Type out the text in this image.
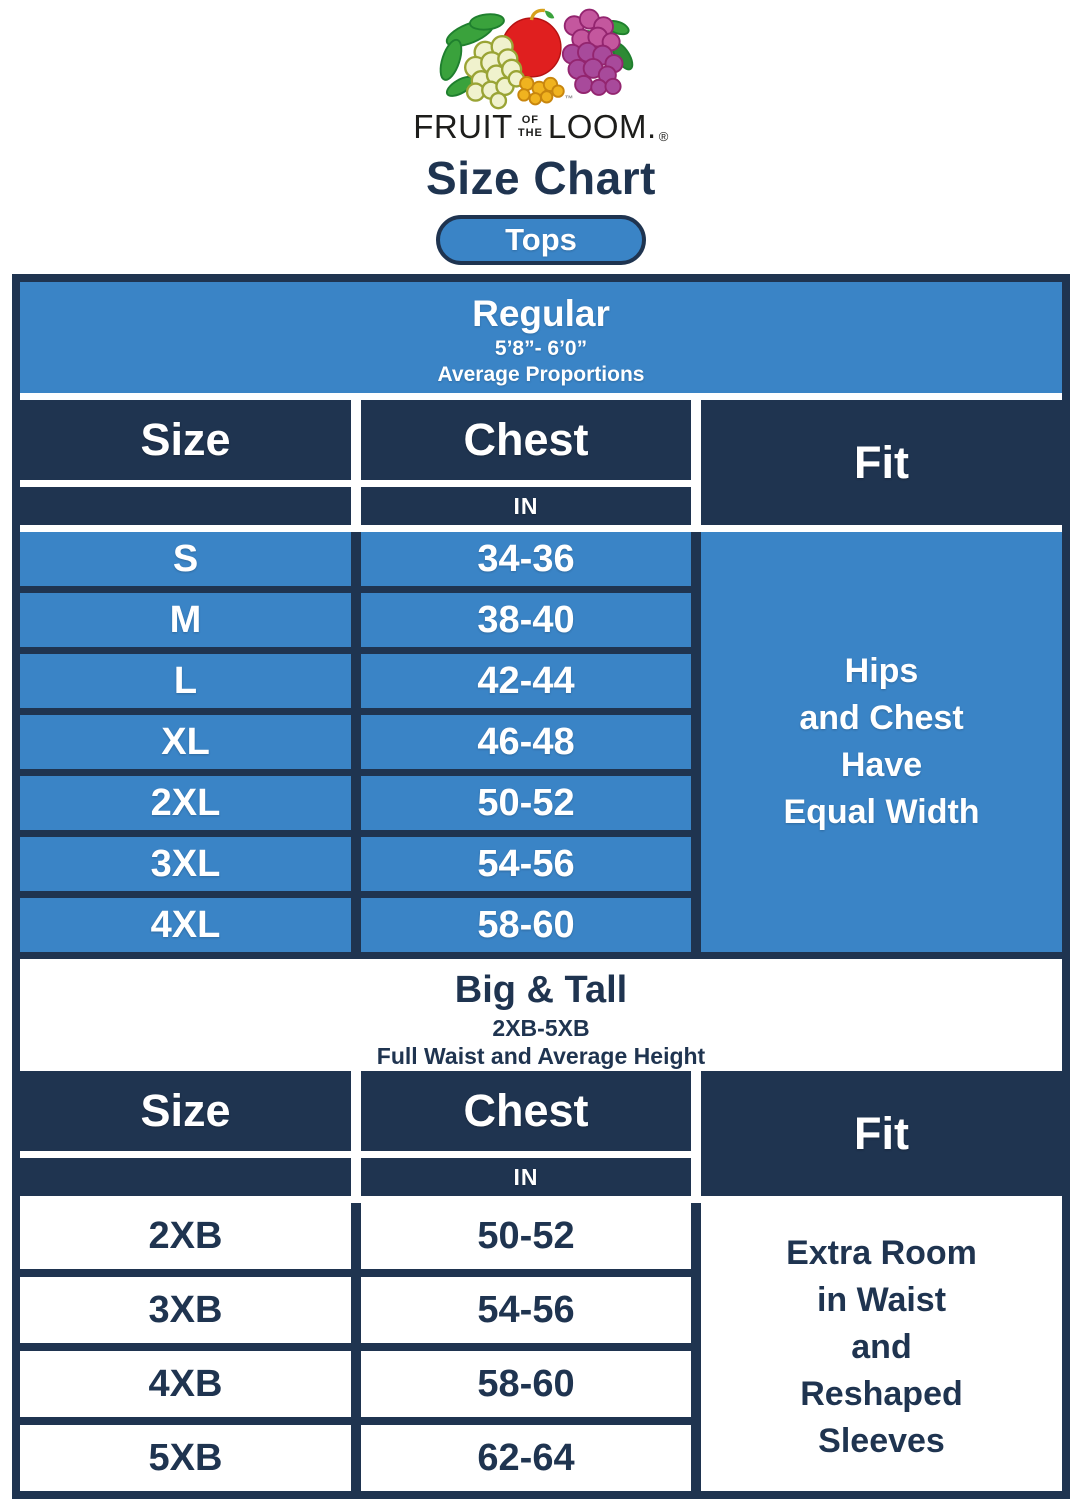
™
FRUIT OF
THE LOOM. ®
Size Chart
Tops
Regular
5’8”- 6’0”
Average Proportions
Size	Chest	Fit
IN
S	34-36
Hips
and Chest
Have
Equal Width
M	38-40
L	42-44
XL	46-48
2XL	50-52
3XL	54-56
4XL	58-60
Big & Tall
2XB-5XB
Full Waist and Average Height
Size	Chest	Fit
IN
2XB	50-52	Extra Room
in Waist
and
Reshaped
Sleeves
3XB	54-56
4XB	58-60
5XB	62-64
